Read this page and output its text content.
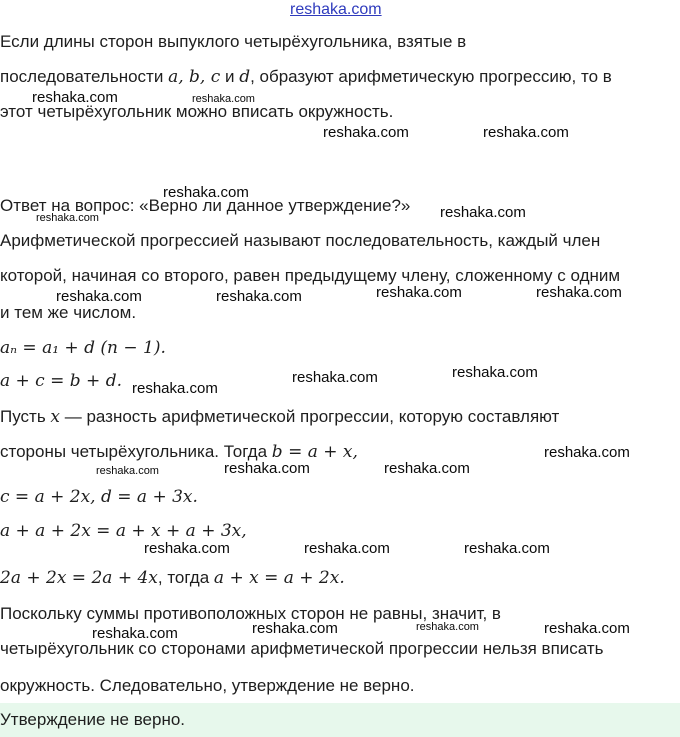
reshaka.com
Если длины сторон выпуклого четырёхугольника, взятые в
последовательности a, b, c и d, образуют арифметическую прогрессию, то в
этот четырёхугольник можно вписать окружность.
Ответ на вопрос: «Верно ли данное утверждение?»
Арифметической прогрессией называют последовательность, каждый член
которой, начиная со второго, равен предыдущему члену, сложенному с одним
и тем же числом.
aₙ = a₁ + d (n − 1).
a + c = b + d.
Пусть x — разность арифметической прогрессии, которую составляют
стороны четырёхугольника. Тогда b = a + x,
c = a + 2x, d = a + 3x.
a + a + 2x = a + x + a + 3x,
2a + 2x = 2a + 4x, тогда a + x = a + 2x.
Поскольку суммы противоположных сторон не равны, значит, в
четырёхугольник со сторонами арифметической прогрессии нельзя вписать
окружность. Следовательно, утверждение не верно.
Утверждение не верно.
reshaka.com	reshaka.com
reshaka.com	reshaka.com
reshaka.com
reshaka.com	reshaka.com
reshaka.com	reshaka.com	reshaka.com	reshaka.com
reshaka.com
reshaka.com	reshaka.com
reshaka.com
reshaka.com	reshaka.com	reshaka.com
reshaka.com	reshaka.com	reshaka.com
reshaka.com	reshaka.com	reshaka.com	reshaka.com
